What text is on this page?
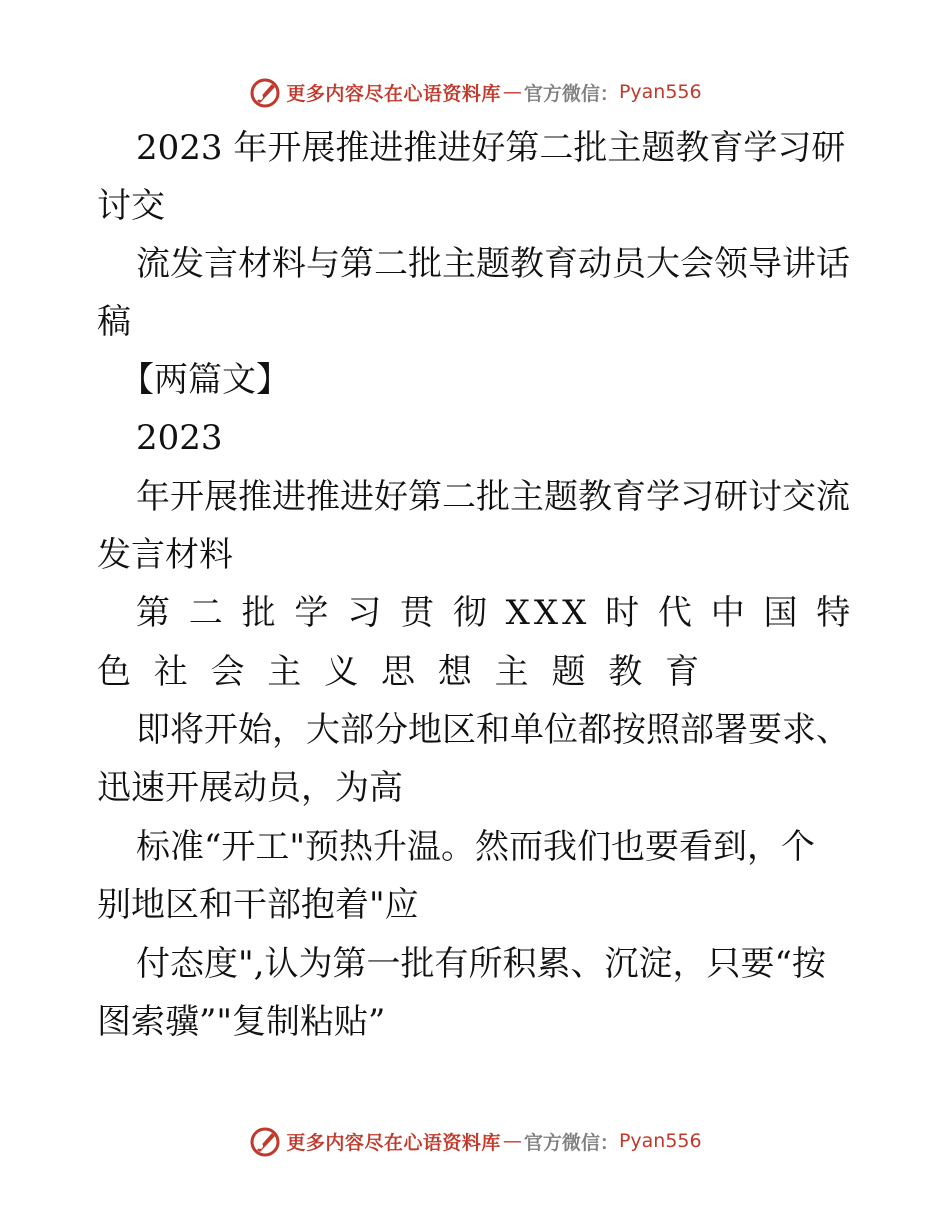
更多内容尽在心语资料库 — 官方微信： Pyan556
2023 年开展推进推进好第二批主题教育学习研
讨交
流发言材料与第二批主题教育动员大会领导讲话
稿
【两篇文】
2023
年开展推进推进好第二批主题教育学习研讨交流
发言材料
第 二 批 学 习 贯 彻 XXX 时 代 中 国 特
色 社 会 主 义 思 想 主 题 教 育
即将开始，大部分地区和单位都按照部署要求、
迅速开展动员，为高
标准“开工"预热升温。然而我们也要看到，个
别地区和干部抱着"应
付态度",认为第一批有所积累、沉淀，只要“按
图索骥”"复制粘贴”
更多内容尽在心语资料库 — 官方微信： Pyan556
